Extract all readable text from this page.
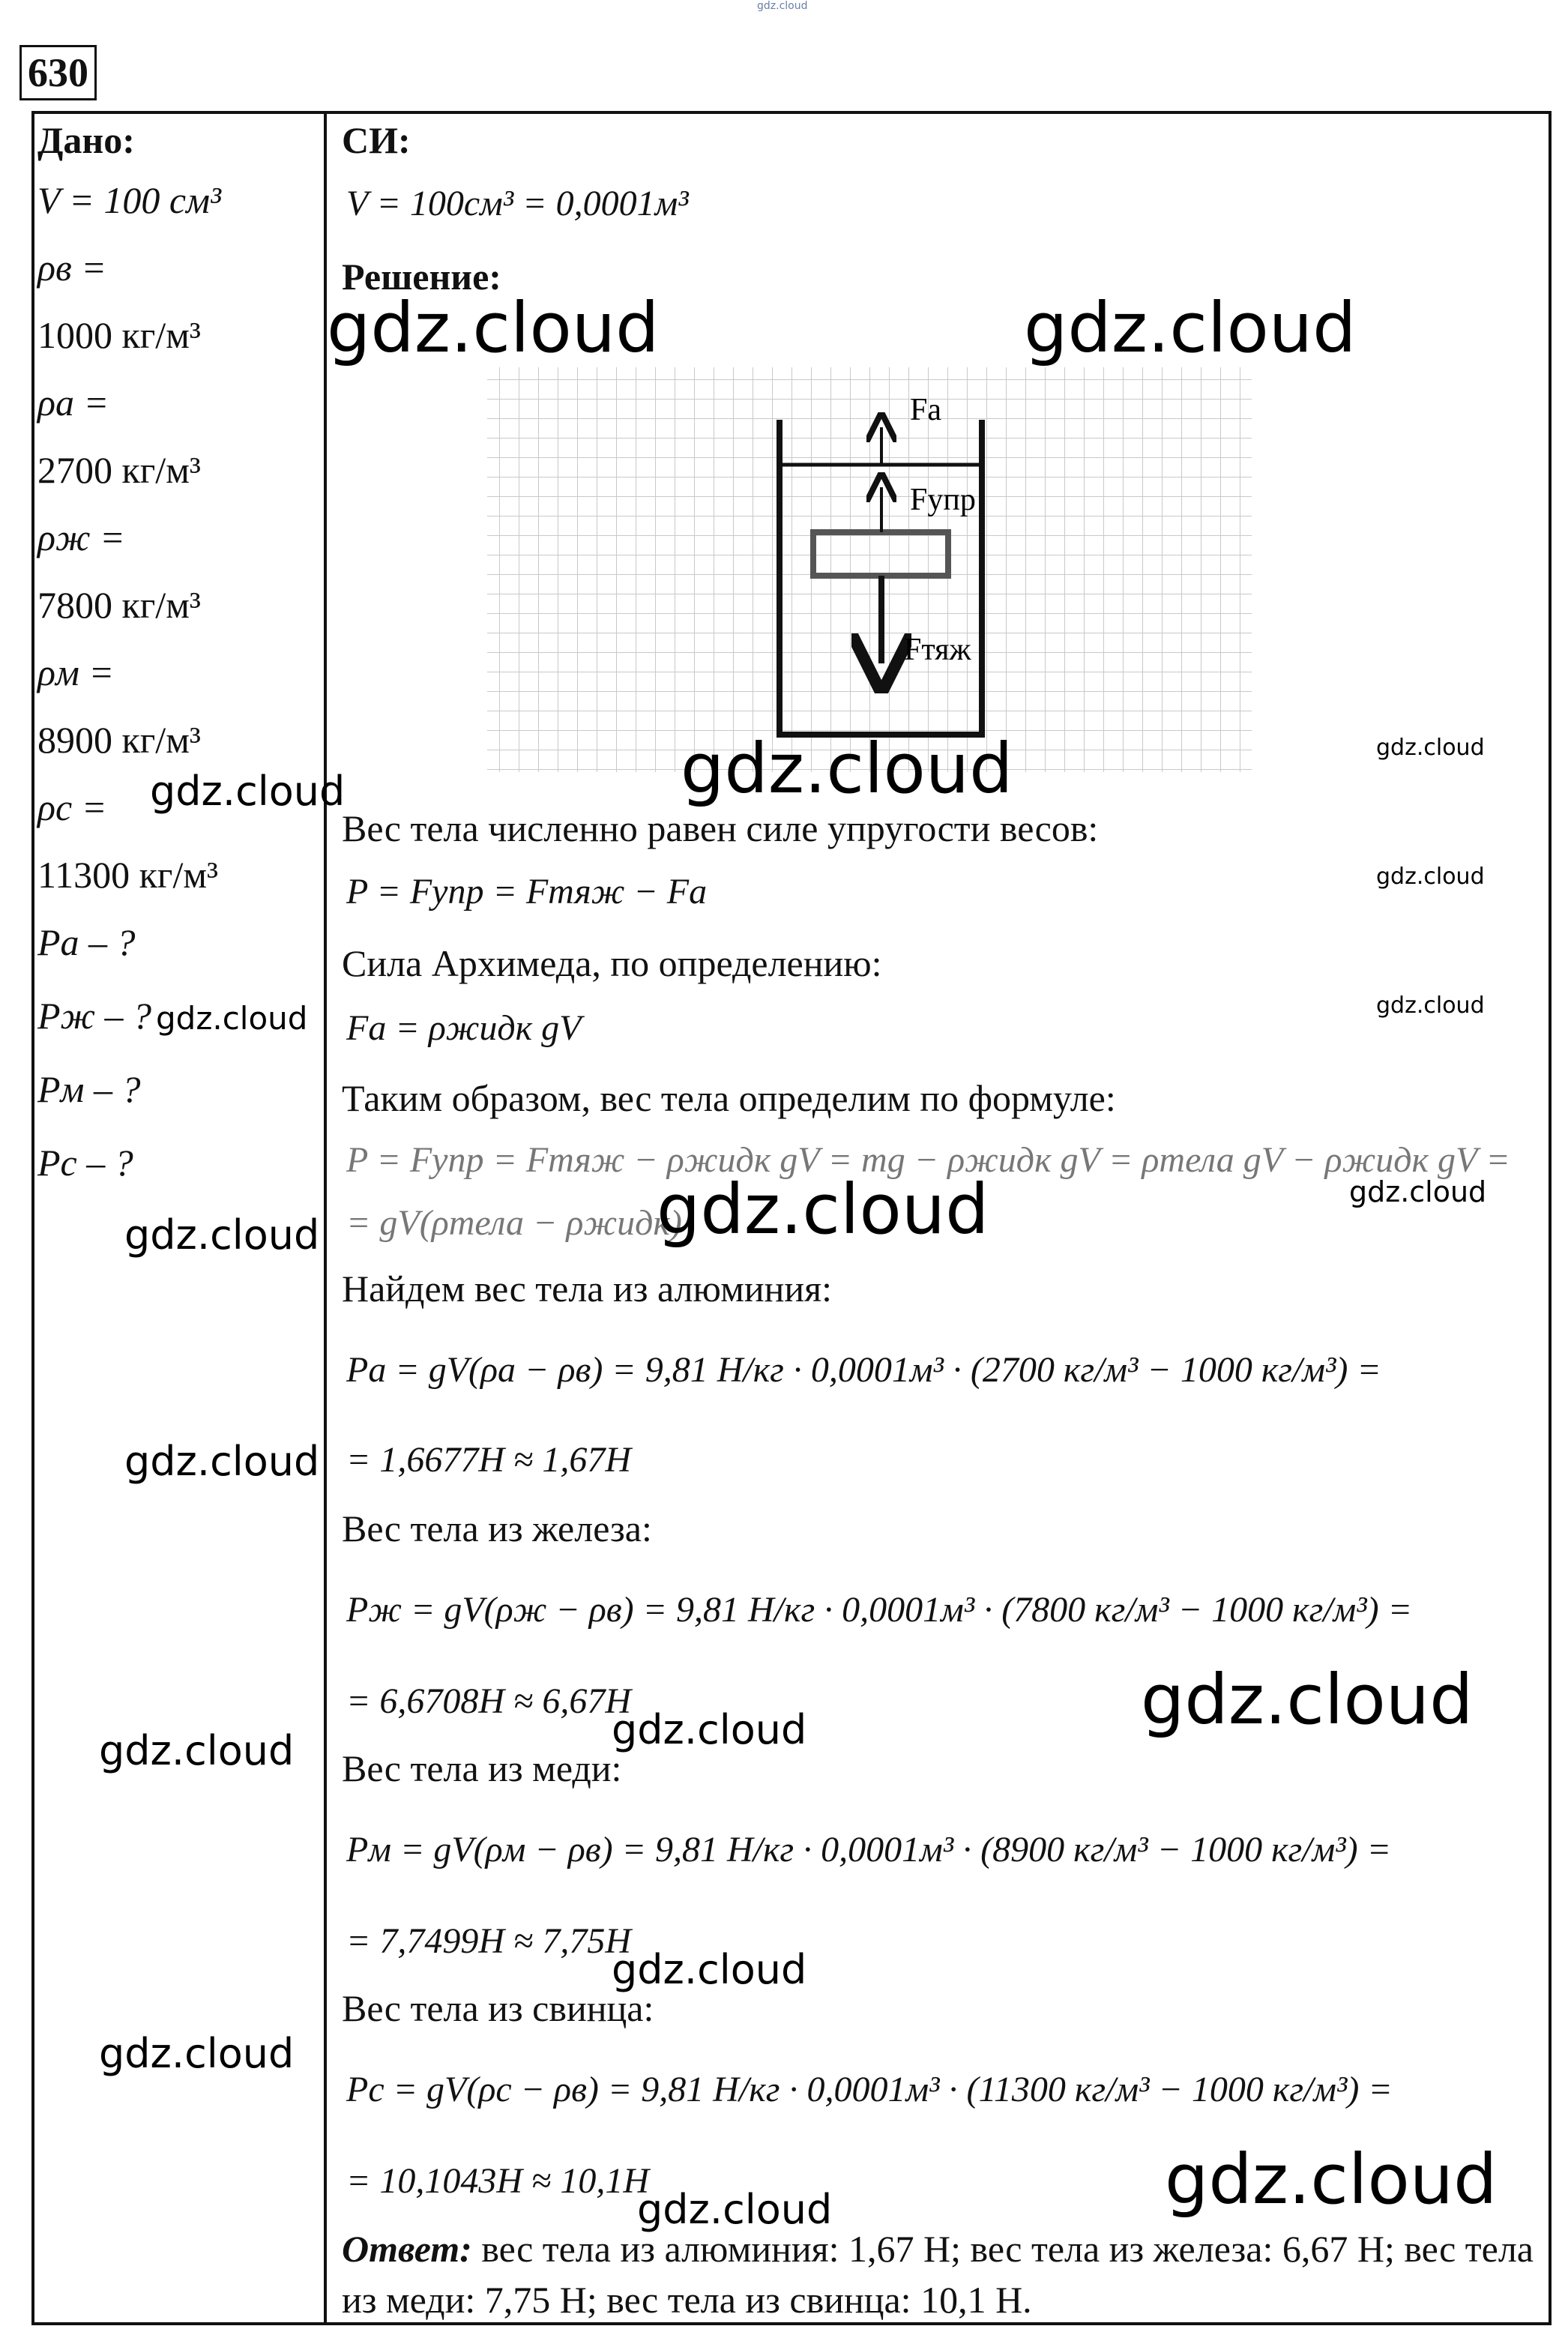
gdz.cloud
630
Дано:
V = 100 см³
ρв =
1000 кг/м³
ρа =
2700 кг/м³
ρж =
7800 кг/м³
ρм =
8900 кг/м³
ρс =
11300 кг/м³
Pа – ?
Pж – ?
Pм – ?
Pс – ?
СИ:
V = 100см³ = 0,0001м³
Решение:
Fа
Fупр
Fтяж
Вес тела численно равен силе упругости весов:
P = Fупр = Fтяж − Fа
Сила Архимеда, по определению:
Fа = ρжидк gV
Таким образом, вес тела определим по формуле:
P = Fупр = Fтяж − ρжидк gV = mg − ρжидк gV = ρтела gV − ρжидк gV =
= gV(ρтела − ρжидк)
Найдем вес тела из алюминия:
Pа = gV(ρа − ρв) = 9,81 Н/кг · 0,0001м³ · (2700 кг/м³ − 1000 кг/м³) =
= 1,6677Н ≈ 1,67Н
Вес тела из железа:
Pж = gV(ρж − ρв) = 9,81 Н/кг · 0,0001м³ · (7800 кг/м³ − 1000 кг/м³) =
= 6,6708Н ≈ 6,67Н
Вес тела из меди:
Pм = gV(ρм − ρв) = 9,81 Н/кг · 0,0001м³ · (8900 кг/м³ − 1000 кг/м³) =
= 7,7499Н ≈ 7,75Н
Вес тела из свинца:
Pс = gV(ρс − ρв) = 9,81 Н/кг · 0,0001м³ · (11300 кг/м³ − 1000 кг/м³) =
= 10,1043Н ≈ 10,1Н
Ответ: вес тела из алюминия: 1,67 Н; вес тела из железа: 6,67 Н; вес тела из меди: 7,75 Н; вес тела из свинца: 10,1 Н.
gdz.cloud	gdz.cloud
gdz.cloud
gdz.cloud
gdz.cloud
gdz.cloud
gdz.cloud
gdz.cloud
gdz.cloud
gdz.cloud
gdz.cloud
gdz.cloud
gdz.cloud
gdz.cloud
gdz.cloud
gdz.cloud
gdz.cloud
gdz.cloud
gdz.cloud
